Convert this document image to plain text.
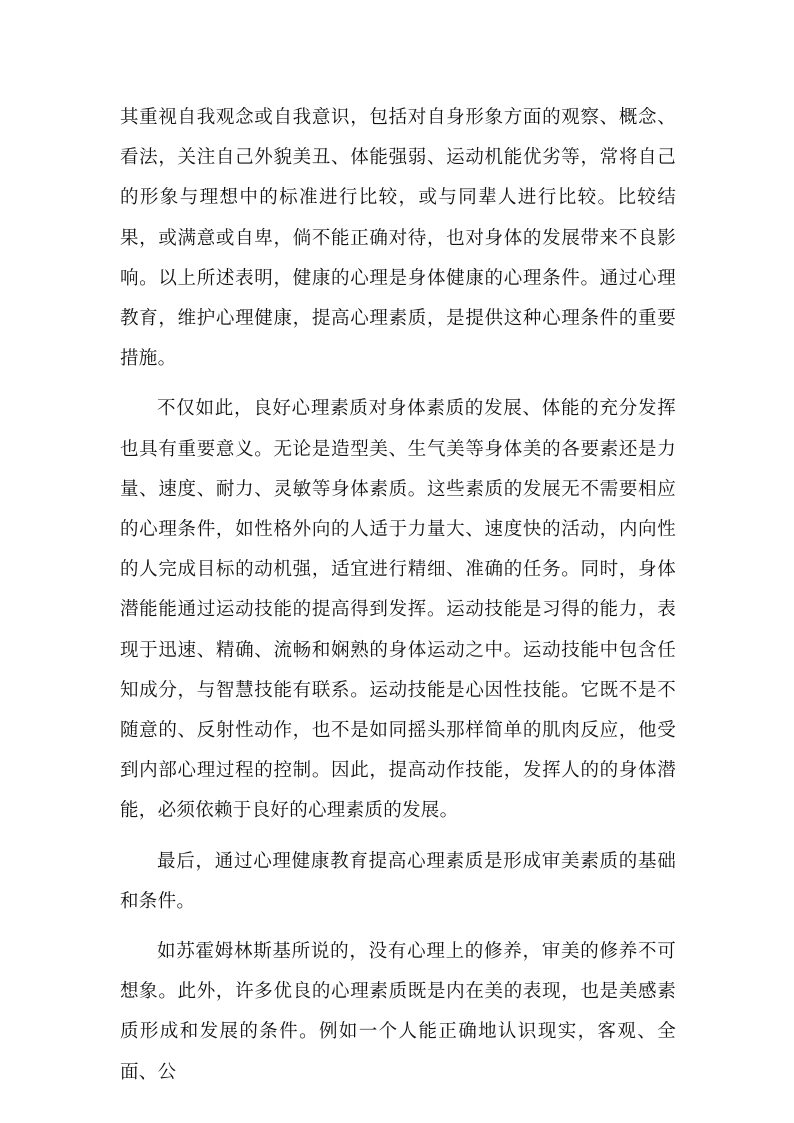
其重视自我观念或自我意识，包括对自身形象方面的观察、概念、看法，关注自己外貌美丑、体能强弱、运动机能优劣等，常将自己的形象与理想中的标准进行比较，或与同辈人进行比较。比较结果，或满意或自卑，倘不能正确对待，也对身体的发展带来不良影响。以上所述表明，健康的心理是身体健康的心理条件。通过心理教育，维护心理健康，提高心理素质，是提供这种心理条件的重要措施。

不仅如此，良好心理素质对身体素质的发展、体能的充分发挥也具有重要意义。无论是造型美、生气美等身体美的各要素还是力量、速度、耐力、灵敏等身体素质。这些素质的发展无不需要相应的心理条件，如性格外向的人适于力量大、速度快的活动，内向性的人完成目标的动机强，适宜进行精细、准确的任务。同时，身体潜能能通过运动技能的提高得到发挥。运动技能是习得的能力，表现于迅速、精确、流畅和娴熟的身体运动之中。运动技能中包含任知成分，与智慧技能有联系。运动技能是心因性技能。它既不是不随意的、反射性动作，也不是如同摇头那样简单的肌肉反应，他受到内部心理过程的控制。因此，提高动作技能，发挥人的的身体潜能，必须依赖于良好的心理素质的发展。

最后，通过心理健康教育提高心理素质是形成审美素质的基础和条件。

如苏霍姆林斯基所说的，没有心理上的修养，审美的修养不可想象。此外，许多优良的心理素质既是内在美的表现，也是美感素质形成和发展的条件。例如一个人能正确地认识现实，客观、全面、公
